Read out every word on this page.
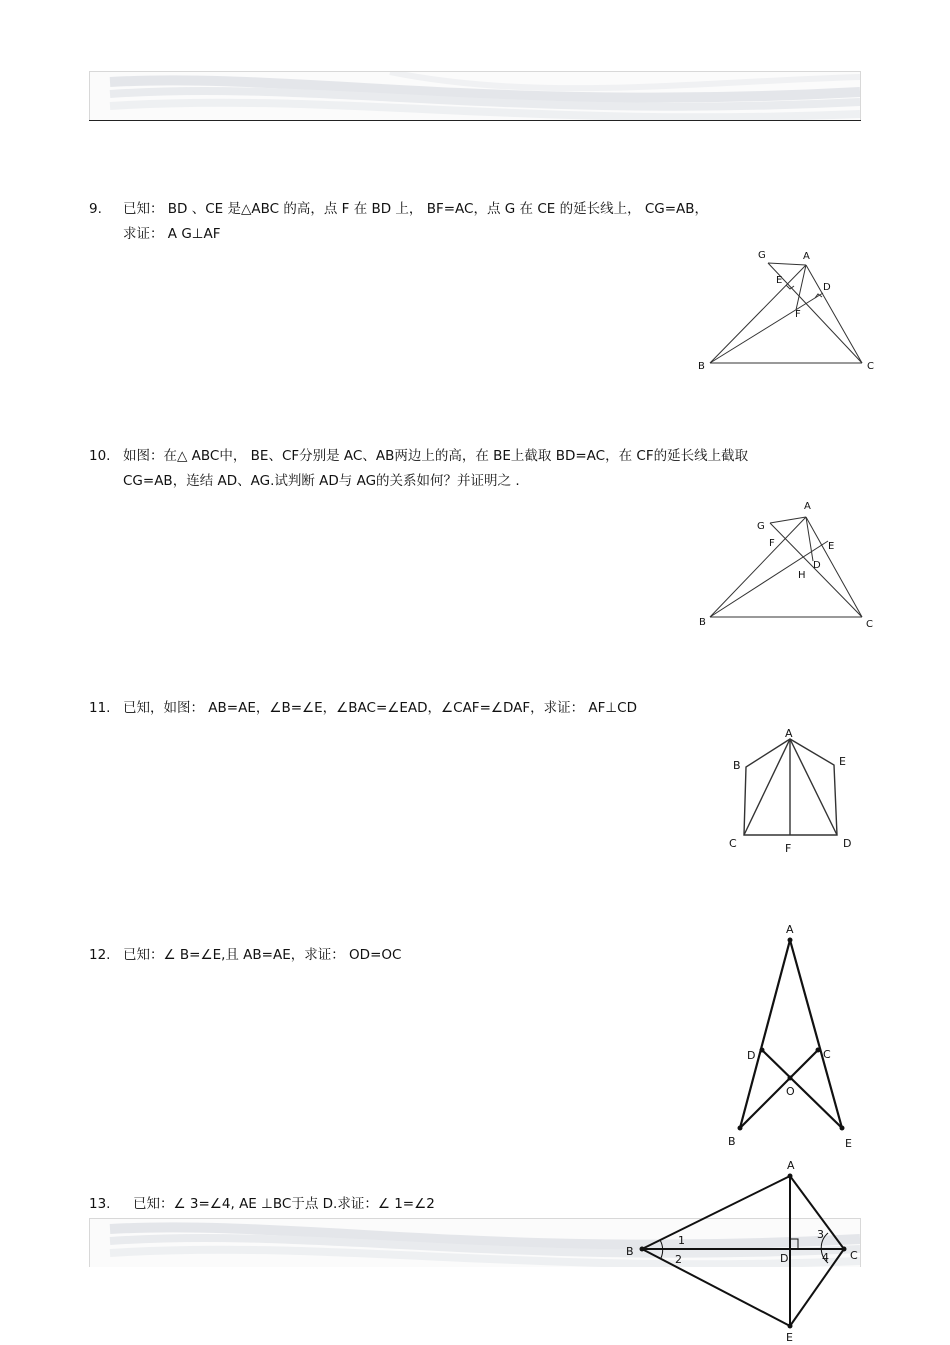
9. 已知： BD 、CE 是△ABC 的高，点 F 在 BD 上， BF=AC，点 G 在 CE 的延长线上， CG=AB，
求证： A G⊥AF
G	A
E
D
F
B	C
10. 如图：在△ ABC中， BE、CF分别是 AC、AB两边上的高，在 BE上截取 BD=AC，在 CF的延长线上截取
CG=AB，连结 AD、AG.试判断 AD与 AG的关系如何？并证明之 .
A
G
F	E
D
H
B	C
11. 已知，如图： AB=AE，∠B=∠E，∠BAC=∠EAD，∠CAF=∠DAF，求证： AF⊥CD
A
B	E
C	F	D
12. 已知：∠ B=∠E,且 AB=AE，求证： OD=OC
A
D	C
O
B	E
13. 已知：∠ 3=∠4, AE ⊥BC于点 D.求证：∠ 1=∠2
A
B
1
2	D
3
4 C
E
